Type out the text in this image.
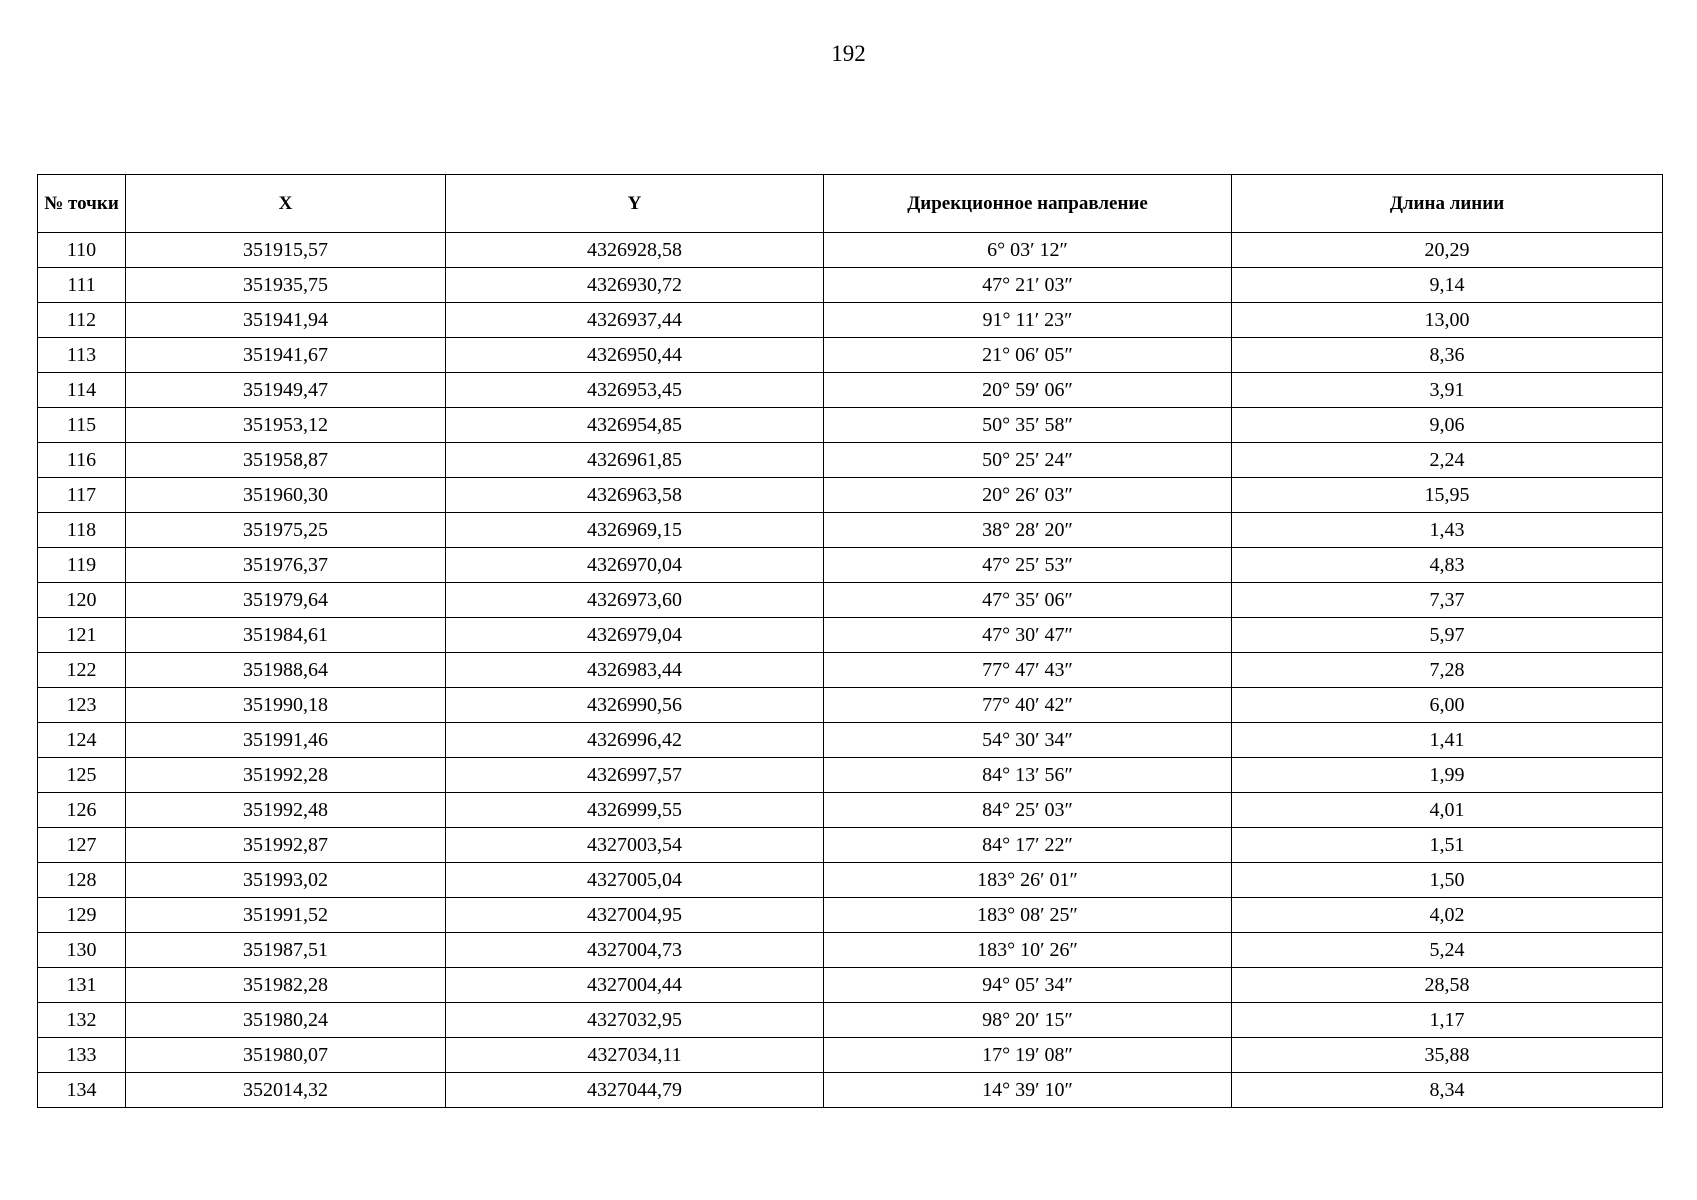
192
№ точки	X	Y	Дирекционное направление	Длина линии
110	351915,57	4326928,58	6° 03′ 12″	20,29
111	351935,75	4326930,72	47° 21′ 03″	9,14
112	351941,94	4326937,44	91° 11′ 23″	13,00
113	351941,67	4326950,44	21° 06′ 05″	8,36
114	351949,47	4326953,45	20° 59′ 06″	3,91
115	351953,12	4326954,85	50° 35′ 58″	9,06
116	351958,87	4326961,85	50° 25′ 24″	2,24
117	351960,30	4326963,58	20° 26′ 03″	15,95
118	351975,25	4326969,15	38° 28′ 20″	1,43
119	351976,37	4326970,04	47° 25′ 53″	4,83
120	351979,64	4326973,60	47° 35′ 06″	7,37
121	351984,61	4326979,04	47° 30′ 47″	5,97
122	351988,64	4326983,44	77° 47′ 43″	7,28
123	351990,18	4326990,56	77° 40′ 42″	6,00
124	351991,46	4326996,42	54° 30′ 34″	1,41
125	351992,28	4326997,57	84° 13′ 56″	1,99
126	351992,48	4326999,55	84° 25′ 03″	4,01
127	351992,87	4327003,54	84° 17′ 22″	1,51
128	351993,02	4327005,04	183° 26′ 01″	1,50
129	351991,52	4327004,95	183° 08′ 25″	4,02
130	351987,51	4327004,73	183° 10′ 26″	5,24
131	351982,28	4327004,44	94° 05′ 34″	28,58
132	351980,24	4327032,95	98° 20′ 15″	1,17
133	351980,07	4327034,11	17° 19′ 08″	35,88
134	352014,32	4327044,79	14° 39′ 10″	8,34
